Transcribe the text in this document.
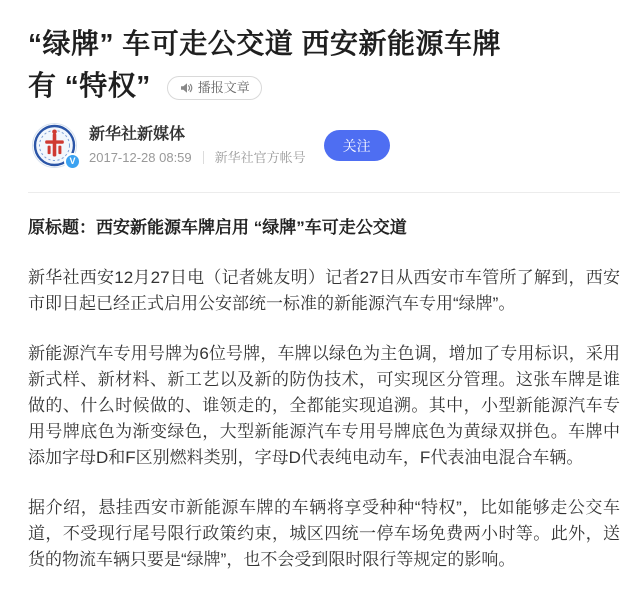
“绿牌” 车可走公交道 西安新能源车牌
有 “特权”	播报文章
V
新华社新媒体
2017-12-28 08:59 新华社官方帐号
关注

原标题：西安新能源车牌启用 “绿牌”车可走公交道

新华社西安12月27日电（记者姚友明）记者27日从西安市车管所了解到，西安市即日起已经正式启用公安部统一标准的新能源汽车专用“绿牌”。

新能源汽车专用号牌为6位号牌，车牌以绿色为主色调，增加了专用标识，采用新式样、新材料、新工艺以及新的防伪技术，可实现区分管理。这张车牌是谁做的、什么时候做的、谁领走的，全都能实现追溯。其中，小型新能源汽车专用号牌底色为渐变绿色，大型新能源汽车专用号牌底色为黄绿双拼色。车牌中添加字母D和F区别燃料类别，字母D代表纯电动车，F代表油电混合车辆。

据介绍，悬挂西安市新能源车牌的车辆将享受种种“特权”，比如能够走公交车道，不受现行尾号限行政策约束，城区四统一停车场免费两小时等。此外，送货的物流车辆只要是“绿牌”，也不会受到限时限行等规定的影响。
